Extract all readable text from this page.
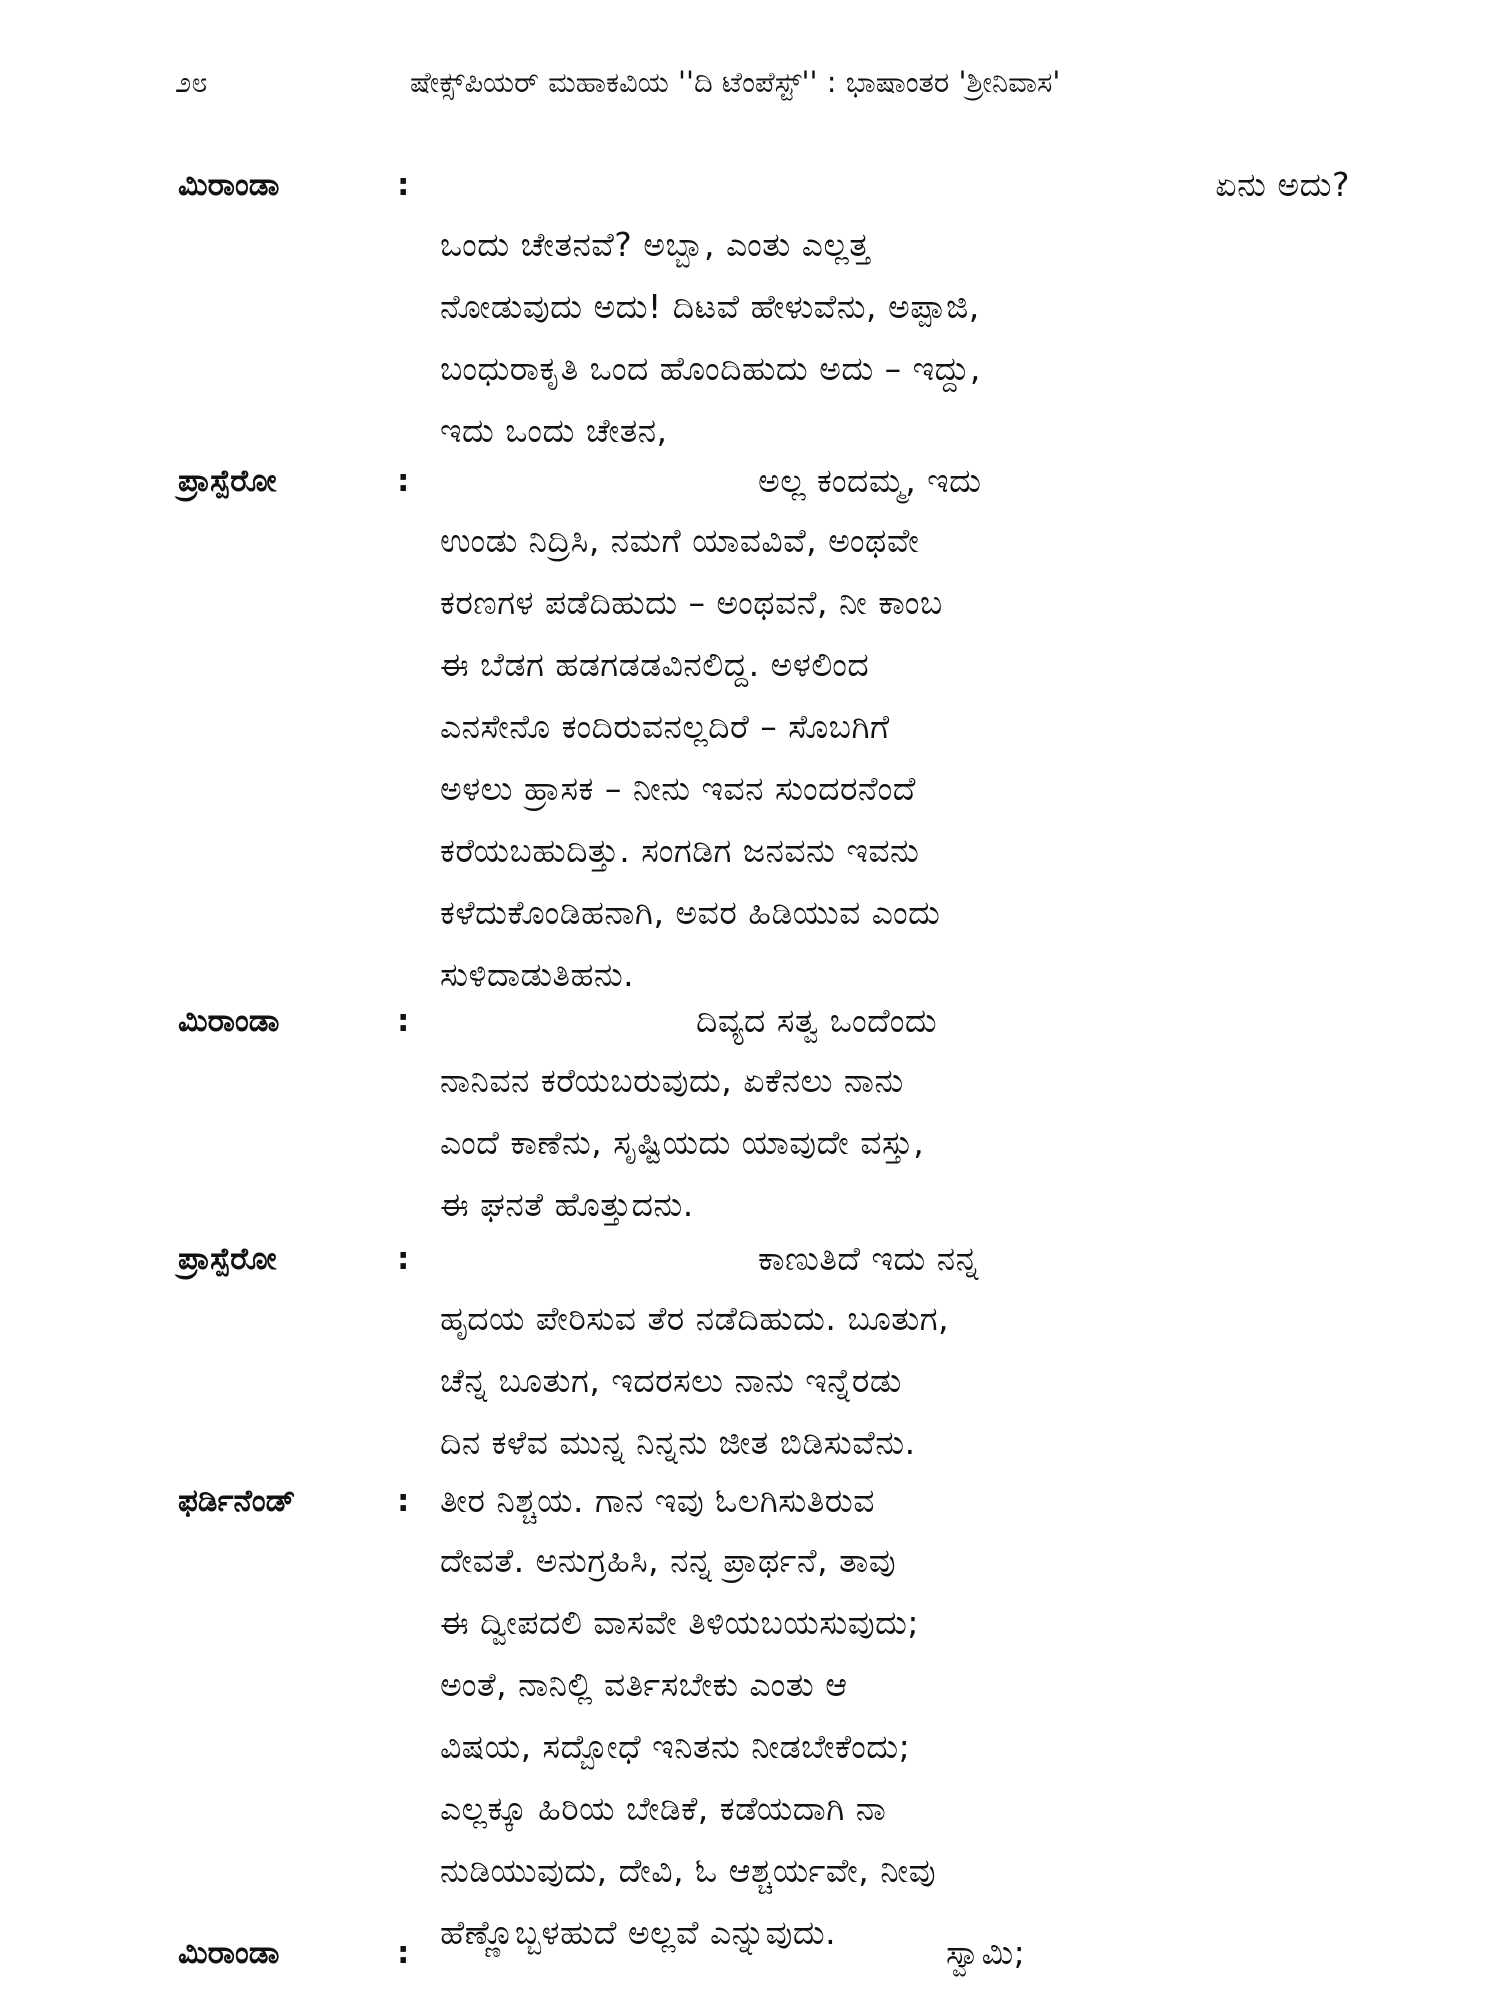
೨೮	ಷೇಕ್ಸ್‌ಪಿಯರ್ ಮಹಾಕವಿಯ ''ದಿ ಟೆಂಪೆಸ್ಟ್'' : ಭಾಷಾಂತರ 'ಶ್ರೀನಿವಾಸ'
ಮಿರಾಂಡಾ	:	ಏನು ಅದು?
ಒಂದು ಚೇತನವೆ? ಅಬ್ಬಾ, ಎಂತು ಎಲ್ಲತ್ತ
ನೋಡುವುದು ಅದು! ದಿಟವೆ ಹೇಳುವೆನು, ಅಪ್ಪಾಜಿ,
ಬಂಧುರಾಕೃತಿ ಒಂದ ಹೊಂದಿಹುದು ಅದು – ಇದ್ದು,
ಇದು ಒಂದು ಚೇತನ,
ಪ್ರಾಸ್ಪೆರೋ	:	ಅಲ್ಲ ಕಂದಮ್ಮ, ಇದು
ಉಂಡು ನಿದ್ರಿಸಿ, ನಮಗೆ ಯಾವವಿವೆ, ಅಂಥವೇ
ಕರಣಗಳ ಪಡೆದಿಹುದು – ಅಂಥವನೆ, ನೀ ಕಾಂಬ
ಈ ಬೆಡಗ ಹಡಗಡಡವಿನಲಿದ್ದ. ಅಳಲಿಂದ
ಎನಸೇನೊ ಕಂದಿರುವನಲ್ಲದಿರೆ – ಸೊಬಗಿಗೆ
ಅಳಲು ಹ್ರಾಸಕ – ನೀನು ಇವನ ಸುಂದರನೆಂದೆ
ಕರೆಯಬಹುದಿತ್ತು. ಸಂಗಡಿಗ ಜನವನು ಇವನು
ಕಳೆದುಕೊಂಡಿಹನಾಗಿ, ಅವರ ಹಿಡಿಯುವ ಎಂದು
ಸುಳಿದಾಡುತಿಹನು.
ಮಿರಾಂಡಾ	:	ದಿವ್ಯದ ಸತ್ವ ಒಂದೆಂದು
ನಾನಿವನ ಕರೆಯಬರುವುದು, ಏಕೆನಲು ನಾನು
ಎಂದೆ ಕಾಣೆನು, ಸೃಷ್ಟಿಯದು ಯಾವುದೇ ವಸ್ತು,
ಈ ಘನತೆ ಹೊತ್ತುದನು.
ಪ್ರಾಸ್ಪೆರೋ	:	ಕಾಣುತಿದೆ ಇದು ನನ್ನ
ಹೃದಯ ಪೇರಿಸುವ ತೆರ ನಡೆದಿಹುದು. ಬೂತುಗ,
ಚೆನ್ನ ಬೂತುಗ, ಇದರಸಲು ನಾನು ಇನ್ನೆರಡು
ದಿನ ಕಳೆವ ಮುನ್ನ ನಿನ್ನನು ಜೀತ ಬಿಡಿಸುವೆನು.
ಫರ್ಡಿನೆಂಡ್	: ತೀರ ನಿಶ್ಚಯ. ಗಾನ ಇವು ಓಲಗಿಸುತಿರುವ
ದೇವತೆ. ಅನುಗ್ರಹಿಸಿ, ನನ್ನ ಪ್ರಾರ್ಥನೆ, ತಾವು
ಈ ದ್ವೀಪದಲಿ ವಾಸವೇ ತಿಳಿಯಬಯಸುವುದು;
ಅಂತೆ, ನಾನಿಲ್ಲಿ ವರ್ತಿಸಬೇಕು ಎಂತು ಆ
ವಿಷಯ, ಸದ್ಬೋಧೆ ಇನಿತನು ನೀಡಬೇಕೆಂದು;
ಎಲ್ಲಕ್ಕೂ ಹಿರಿಯ ಬೇಡಿಕೆ, ಕಡೆಯದಾಗಿ ನಾ
ನುಡಿಯುವುದು, ದೇವಿ, ಓ ಆಶ್ಚರ್ಯವೇ, ನೀವು
ಹೆಣ್ಣೊಬ್ಬಳಹುದೆ ಅಲ್ಲವೆ ಎನ್ನುವುದು.
ಮಿರಾಂಡಾ	:	ಸ್ವಾಮಿ;
